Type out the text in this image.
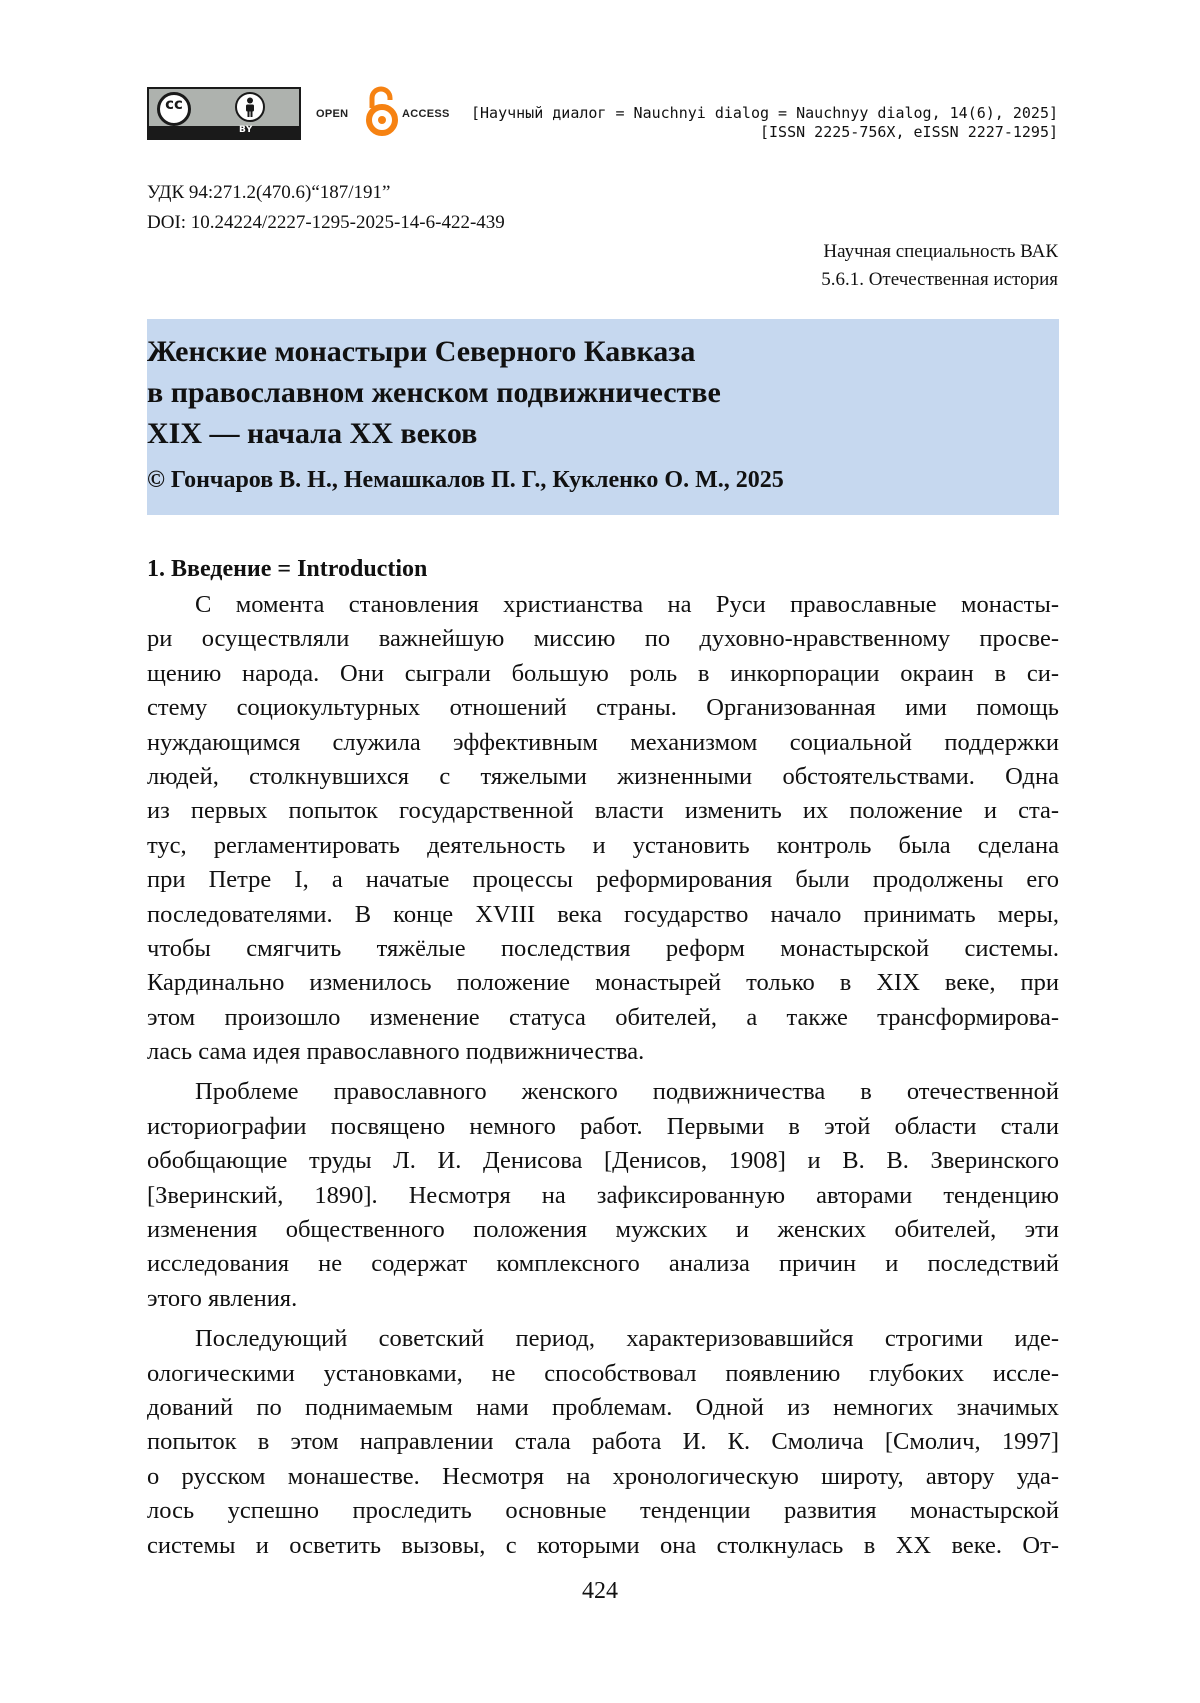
cc
BY
OPEN	ACCESS [Научный диалог = Nauchnyi dialog = Nauchnyy dialog, 14(6), 2025]
[ISSN 2225-756X, eISSN 2227-1295]
УДК 94:271.2(470.6)“187/191”
DOI: 10.24224/2227-1295-2025-14-6-422-439
Научная специальность ВАК
5.6.1. Отечественная история
Женские монастыри Северного Кавказа
в православном женском подвижничестве
XIX — начала XX веков
© Гончаров В. Н., Немашкалов П. Г., Кукленко О. М., 2025
1. Введение = Introduction

С момента становления христианства на Руси православные монасты-
ри осуществляли важнейшую миссию по духовно-нравственному просве-
щению народа. Они сыграли большую роль в инкорпорации окраин в си-
стему социокультурных отношений страны. Организованная ими помощь
нуждающимся служила эффективным механизмом социальной поддержки
людей, столкнувшихся с тяжелыми жизненными обстоятельствами. Одна
из первых попыток государственной власти изменить их положение и ста-
тус, регламентировать деятельность и установить контроль была сделана
при Петре I, а начатые процессы реформирования были продолжены его
последователями. В конце XVIII века государство начало принимать меры,
чтобы смягчить тяжёлые последствия реформ монастырской системы.
Кардинально изменилось положение монастырей только в XIX веке, при
этом произошло изменение статуса обителей, а также трансформирова-
лась сама идея православного подвижничества.

Проблеме православного женского подвижничества в отечественной
историографии посвящено немного работ. Первыми в этой области стали
обобщающие труды Л. И. Денисова [Денисов, 1908] и В. В. Зверинского
[Зверинский, 1890]. Несмотря на зафиксированную авторами тенденцию
изменения общественного положения мужских и женских обителей, эти
исследования не содержат комплексного анализа причин и последствий
этого явления.

Последующий советский период, характеризовавшийся строгими иде-
ологическими установками, не способствовал появлению глубоких иссле-
дований по поднимаемым нами проблемам. Одной из немногих значимых
попыток в этом направлении стала работа И. К. Смолича [Смолич, 1997]
о русском монашестве. Несмотря на хронологическую широту, автору уда-
лось успешно проследить основные тенденции развития монастырской
системы и осветить вызовы, с которыми она столкнулась в XX веке. От-

424
